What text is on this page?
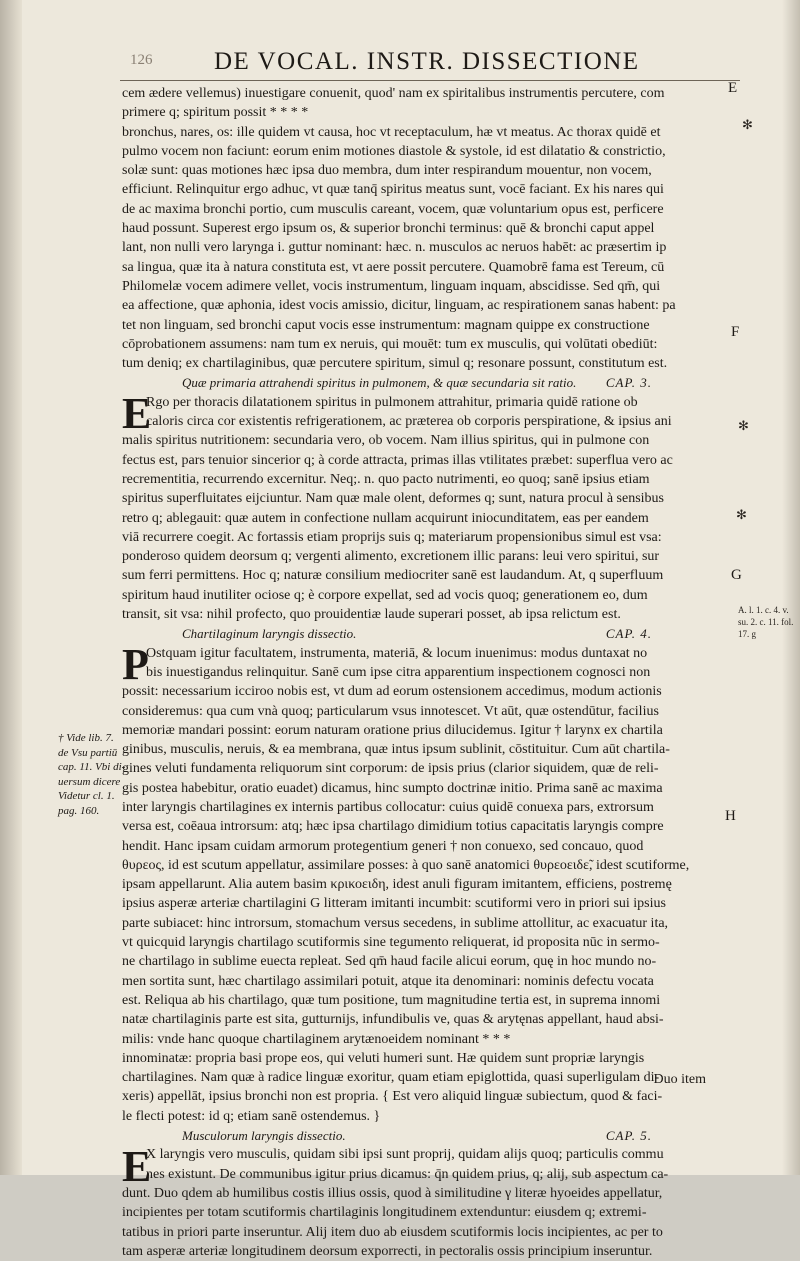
126 DE VOCAL. INSTR. DISSECTIONE
E
F
G
H
✻
✻
✻
cem ædere vellemus) inuestigare conuenit, quod' nam ex spiritalibus instrumentis percutere, com
primere q; spiritum possit * * * *
bronchus, nares, os: ille quidem vt causa, hoc vt receptaculum, hæ vt meatus. Ac thorax quidē et
pulmo vocem non faciunt: eorum enim motiones diastole & systole, id est dilatatio & constrictio,
solæ sunt: quas motiones hæc ipsa duo membra, dum inter respirandum mouentur, non vocem,
efficiunt. Relinquitur ergo adhuc, vt quæ tanq̄ spiritus meatus sunt, vocē faciant. Ex his nares qui
de ac maxima bronchi portio, cum musculis careant, vocem, quæ voluntarium opus est, perficere
haud possunt. Superest ergo ipsum os, & superior bronchi terminus: quē & bronchi caput appel
lant, non nulli vero larynga i. guttur nominant: hæc. n. musculos ac neruos habēt: ac præsertim ip
sa lingua, quæ ita à natura constituta est, vt aere possit percutere. Quamobrē fama est Tereum, cū
Philomelæ vocem adimere vellet, vocis instrumentum, linguam inquam, abscidisse. Sed qm̄, qui
ea affectione, quæ aphonia, idest vocis amissio, dicitur, linguam, ac respirationem sanas habent: pa
tet non linguam, sed bronchi caput vocis esse instrumentum: magnam quippe ex constructione
cōprobationem assumens: nam tum ex neruis, qui mouēt: tum ex musculis, qui volūtati obediūt:
tum deniq; ex chartilaginibus, quæ percutere spiritum, simul q; resonare possunt, constitutum est.
Quæ primaria attrahendi spiritus in pulmonem, & quæ secundaria sit ratio. CAP. 3.
E
Rgo per thoracis dilatationem spiritus in pulmonem attrahitur, primaria quidē ratione ob
caloris circa cor existentis refrigerationem, ac præterea ob corporis perspiratione, & ipsius ani
malis spiritus nutritionem: secundaria vero, ob vocem. Nam illius spiritus, qui in pulmone con
fectus est, pars tenuior sincerior q; à corde attracta, primas illas vtilitates præbet: superflua vero ac
recrementitia, recurrendo excernitur. Neq;. n. quo pacto nutrimenti, eo quoq; sanē ipsius etiam
spiritus superfluitates eijciuntur. Nam quæ male olent, deformes q; sunt, natura procul à sensibus
retro q; ablegauit: quæ autem in confectione nullam acquirunt iniocunditatem, eas per eandem
viā recurrere coegit. Ac fortassis etiam proprijs suis q; materiarum propensionibus simul est vsa:
ponderoso quidem deorsum q; vergenti alimento, excretionem illic parans: leui vero spiritui, sur
sum ferri permittens. Hoc q; naturæ consilium mediocriter sanē est laudandum. At, q superfluum
spiritum haud inutiliter ociose q; è corpore expellat, sed ad vocis quoq; generationem eo, dum
transit, sit vsa: nihil profecto, quo prouidentiæ laude superari posset, ab ipsa relictum est.
Chartilaginum laryngis dissectio.	CAP. 4.
P
Ostquam igitur facultatem, instrumenta, materiā, & locum inuenimus: modus duntaxat no
bis inuestigandus relinquitur. Sanē cum ipse citra apparentium inspectionem cognosci non
possit: necessarium icciroo nobis est, vt dum ad eorum ostensionem accedimus, modum actionis
consideremus: qua cum vnà quoq; particularum vsus innotescet. Vt aūt, quæ ostendūtur, facilius
memoriæ mandari possint: eorum naturam oratione prius dilucidemus. Igitur † larynx ex chartila
ginibus, musculis, neruis, & ea membrana, quæ intus ipsum sublinit, cōstituitur. Cum aūt chartila-
gines veluti fundamenta reliquorum sint corporum: de ipsis prius (clarior siquidem, quæ de reli-
gis postea habebitur, oratio euadet) dicamus, hinc sumpto doctrinæ initio. Prima sanē ac maxima
inter laryngis chartilagines ex internis partibus collocatur: cuius quidē conuexa pars, extrorsum
versa est, coēaua introrsum: atq; hæc ipsa chartilago dimidium totius capacitatis laryngis compre
hendit. Hanc ipsam cuidam armorum protegentium generi † non conuexo, sed concauo, quod
θυρεος, id est scutum appellatur, assimilare posses: à quo sanē anatomici θυρεοειδε̃, idest scutiforme,
ipsam appellarunt. Alia autem basim κρικοειδη, idest anuli figuram imitantem, efficiens, postremę
ipsius asperæ arteriæ chartilagini G litteram imitanti incumbit: scutiformi vero in priori sui ipsius
parte subiacet: hinc introrsum, stomachum versus secedens, in sublime attollitur, ac exacuatur ita,
vt quicquid laryngis chartilago scutiformis sine tegumento reliquerat, id proposita nūc in sermo-
ne chartilago in sublime euecta repleat. Sed qm̄ haud facile alicui eorum, quę in hoc mundo no-
men sortita sunt, hæc chartilago assimilari potuit, atque ita denominari: nominis defectu vocata
est. Reliqua ab his chartilago, quæ tum positione, tum magnitudine tertia est, in suprema innomi
natæ chartilaginis parte est sita, gutturnijs, infundibulis ve, quas & arytęnas appellant, haud absi-
milis: vnde hanc quoque chartilaginem arytænoeidem nominant * * *
innominatæ: propria basi prope eos, qui veluti humeri sunt. Hæ quidem sunt propriæ laryngis
chartilagines. Nam quæ à radice linguæ exoritur, quam etiam epiglottida, quasi superligulam di-
xeris) appellāt, ipsius bronchi non est propria. { Est vero aliquid linguæ subiectum, quod & faci-
le flecti potest: id q; etiam sanē ostendemus. }
Musculorum laryngis dissectio.	CAP. 5.
E
X laryngis vero musculis, quidam sibi ipsi sunt proprij, quidam alijs quoq; particulis commu
nes existunt. De communibus igitur prius dicamus: q̄n quidem prius, q; alij, sub aspectum ca-
dunt. Duo qdem ab humilibus costis illius ossis, quod à similitudine γ literæ hyoeides appellatur,
incipientes per totam scutiformis chartilaginis longitudinem extenduntur: eiusdem q; extremi-
tatibus in priori parte inseruntur. Alij item duo ab eiusdem scutiformis locis incipientes, ac per to
tam asperæ arteriæ longitudinem deorsum exporrecti, in pectoralis ossis principium inseruntur.
† Vide lib. 7.
de Vsu partiū
cap. 11. Vbi di-
uersum dicere
Videtur cl. 1.
pag. 160.
A. l. 1. c. 4. v.
su. 2. c. 11. fol.
17. g
Duo item
